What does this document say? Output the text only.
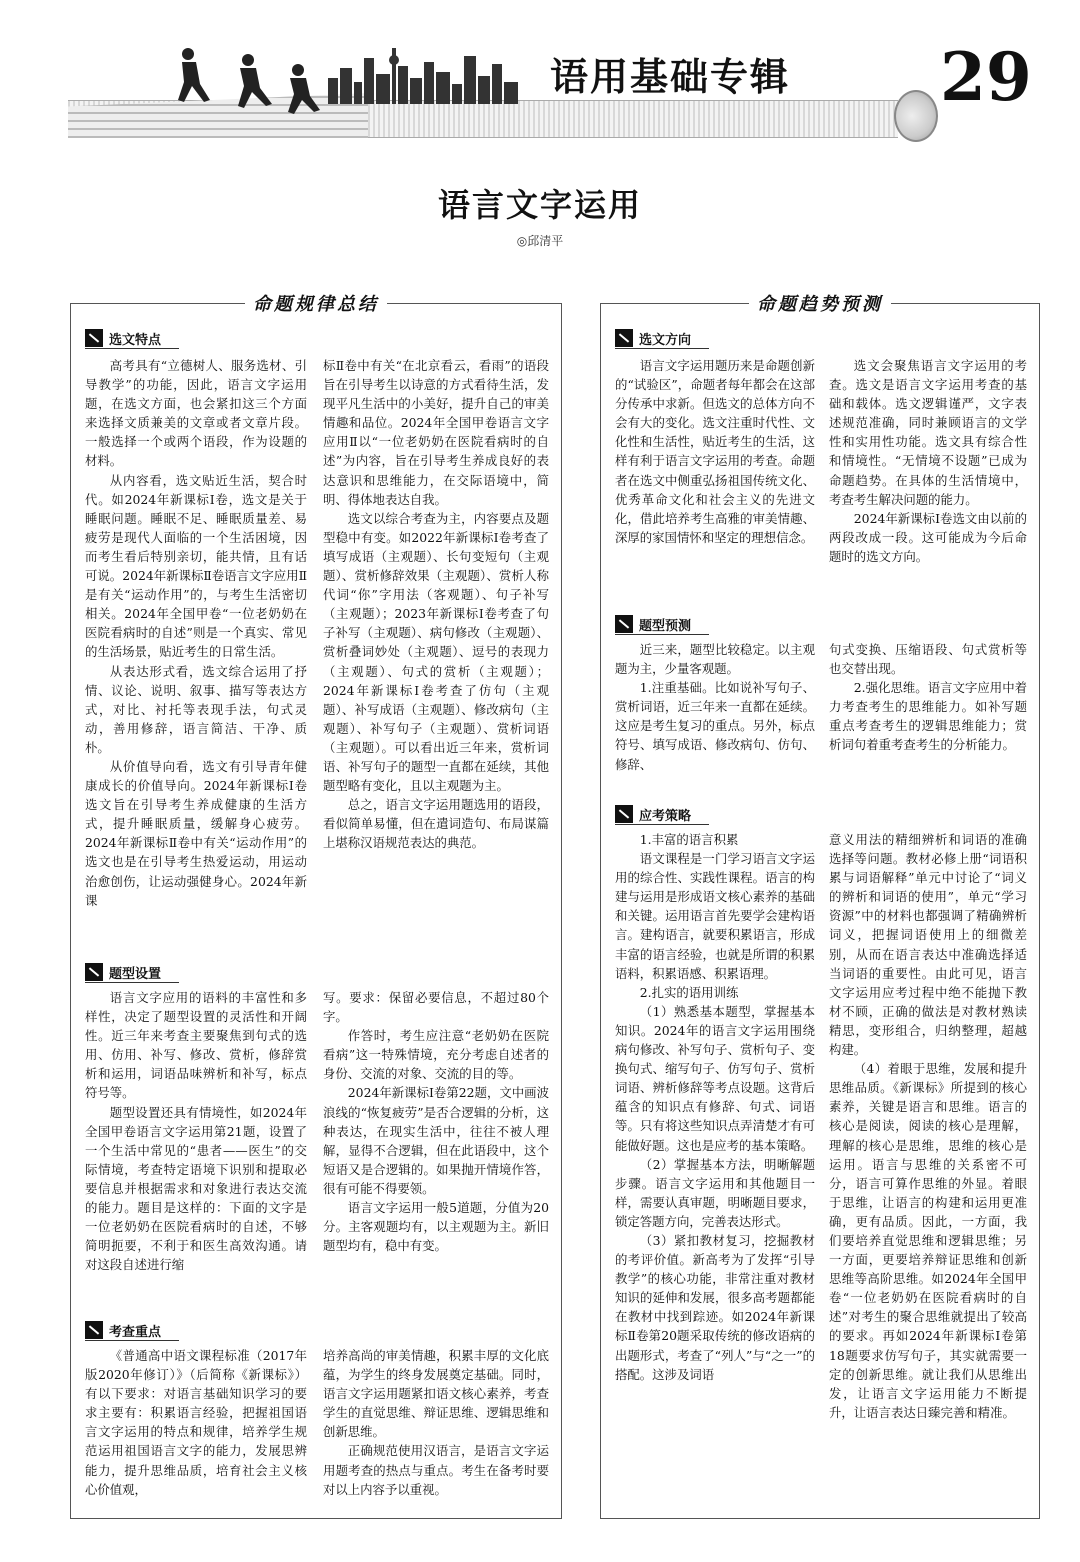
语用基础专辑 29
语言文字运用
◎邱清平
命题规律总结
选文特点

高考具有“立德树人、服务选材、引导教学”的功能，因此，语言文字运用题，在选文方面，也会紧扣这三个方面来选择文质兼美的文章或者文章片段。一般选择一个或两个语段，作为设题的材料。

从内容看，选文贴近生活，契合时代。如2024年新课标Ⅰ卷，选文是关于睡眠问题。睡眠不足、睡眠质量差、易疲劳是现代人面临的一个生活困境，因而考生看后特别亲切，能共情，且有话可说。2024年新课标Ⅱ卷语言文字应用Ⅱ是有关“运动作用”的，与考生生活密切相关。2024年全国甲卷“一位老奶奶在医院看病时的自述”则是一个真实、常见的生活场景，贴近考生的日常生活。

从表达形式看，选文综合运用了抒情、议论、说明、叙事、描写等表达方式，对比、衬托等表现手法，句式灵动，善用修辞，语言简洁、干净、质朴。

从价值导向看，选文有引导青年健康成长的价值导向。2024年新课标Ⅰ卷选文旨在引导考生养成健康的生活方式，提升睡眠质量，缓解身心疲劳。2024年新课标Ⅱ卷中有关“运动作用”的选文也是在引导考生热爱运动，用运动治愈创伤，让运动强健身心。2024年新课

标Ⅱ卷中有关“在北京看云，看雨”的语段旨在引导考生以诗意的方式看待生活，发现平凡生活中的小美好，提升自己的审美情趣和品位。2024年全国甲卷语言文字应用Ⅱ以“一位老奶奶在医院看病时的自述”为内容，旨在引导考生养成良好的表达意识和思维能力，在交际语境中，简明、得体地表达自我。

选文以综合考查为主，内容要点及题型稳中有变。如2022年新课标Ⅰ卷考查了填写成语（主观题）、长句变短句（主观题）、赏析修辞效果（主观题）、赏析人称代词“你”字用法（客观题）、句子补写（主观题）；2023年新课标Ⅰ卷考查了句子补写（主观题）、病句修改（主观题）、赏析叠词妙处（主观题）、逗号的表现力（主观题）、句式的赏析（主观题）；2024年新课标Ⅰ卷考查了仿句（主观题）、补写成语（主观题）、修改病句（主观题）、补写句子（主观题）、赏析词语（主观题）。可以看出近三年来，赏析词语、补写句子的题型一直都在延续，其他题型略有变化，且以主观题为主。

总之，语言文字运用题选用的语段，看似简单易懂，但在遣词造句、布局谋篇上堪称汉语规范表达的典范。

题型设置

语言文字应用的语料的丰富性和多样性，决定了题型设置的灵活性和开阔性。近三年来考查主要聚焦到句式的选用、仿用、补写、修改、赏析，修辞赏析和运用，词语品味辨析和补写，标点符号等。

题型设置还具有情境性，如2024年全国甲卷语言文字运用第21题，设置了一个生活中常见的“患者——医生”的交际情境，考查特定语境下识别和提取必要信息并根据需求和对象进行表达交流的能力。题目是这样的：下面的文字是一位老奶奶在医院看病时的自述，不够简明扼要，不利于和医生高效沟通。请对这段自述进行缩

写。要求：保留必要信息，不超过80个字。

作答时，考生应注意“老奶奶在医院看病”这一特殊情境，充分考虑自述者的身份、交流的对象、交流的目的等。

2024年新课标Ⅰ卷第22题，文中画波浪线的“恢复疲劳”是否合逻辑的分析，这种表达，在现实生活中，往往不被人理解，显得不合逻辑，但在此语段中，这个短语又是合逻辑的。如果抛开情境作答，很有可能不得要领。

语言文字运用一般5道题，分值为20分。主客观题均有，以主观题为主。新旧题型均有，稳中有变。

考查重点

《普通高中语文课程标准（2017年版2020年修订）》（后简称《新课标》）有以下要求：对语言基础知识学习的要求主要有：积累语言经验，把握祖国语言文字运用的特点和规律，培养学生规范运用祖国语言文字的能力，发展思辨能力，提升思维品质，培育社会主义核心价值观，

培养高尚的审美情趣，积累丰厚的文化底蕴，为学生的终身发展奠定基础。同时，语言文字运用题紧扣语文核心素养，考查学生的直觉思维、辩证思维、逻辑思维和创新思维。

正确规范使用汉语言，是语言文字运用题考查的热点与重点。考生在备考时要对以上内容予以重视。

命题趋势预测
选文方向

语言文字运用题历来是命题创新的“试验区”，命题者每年都会在这部分传承中求新。但选文的总体方向不会有大的变化。选文注重时代性、文化性和生活性，贴近考生的生活，这样有利于语言文字运用的考查。命题者在选文中侧重弘扬祖国传统文化、优秀革命文化和社会主义的先进文化，借此培养考生高雅的审美情趣、深厚的家国情怀和坚定的理想信念。

选文会聚焦语言文字运用的考查。选文是语言文字运用考查的基础和载体。选文逻辑谨严，文字表述规范准确，同时兼顾语言的文学性和实用性功能。选文具有综合性和情境性。“无情境不设题”已成为命题趋势。在具体的生活情境中，考查考生解决问题的能力。

2024年新课标Ⅰ卷选文由以前的两段改成一段。这可能成为今后命题时的选文方向。

题型预测

近三来，题型比较稳定。以主观题为主，少量客观题。

1.注重基础。比如说补写句子、赏析词语，近三年来一直都在延续。这应是考生复习的重点。另外，标点符号、填写成语、修改病句、仿句、修辞、

句式变换、压缩语段、句式赏析等也交替出现。

2.强化思维。语言文字应用中着力考查考生的思维能力。如补写题重点考查考生的逻辑思维能力；赏析词句着重考查考生的分析能力。

应考策略

1.丰富的语言积累

语文课程是一门学习语言文字运用的综合性、实践性课程。语言的构建与运用是形成语文核心素养的基础和关键。运用语言首先要学会建构语言。建构语言，就要积累语言，形成丰富的语言经验，也就是所谓的积累语料，积累语感、积累语理。

2.扎实的语用训练

（1）熟悉基本题型，掌握基本知识。2024年的语言文字运用围绕病句修改、补写句子、赏析句子、变换句式、缩写句子、仿写句子、赏析词语、辨析修辞等考点设题。这背后蕴含的知识点有修辞、句式、词语等。只有将这些知识点弄清楚才有可能做好题。这也是应考的基本策略。

（2）掌握基本方法，明晰解题步骤。语言文字运用和其他题目一样，需要认真审题，明晰题目要求，锁定答题方向，完善表达形式。

（3）紧扣教材复习，挖掘教材的考评价值。新高考为了发挥“引导教学”的核心功能，非常注重对教材知识的延伸和发展，很多高考题都能在教材中找到踪迹。如2024年新课标Ⅱ卷第20题采取传统的修改语病的出题形式，考查了“列人”与“之一”的搭配。这涉及词语

意义用法的精细辨析和词语的准确选择等问题。教材必修上册“词语积累与词语解释”单元中讨论了“词义的辨析和词语的使用”，单元“学习资源”中的材料也都强调了精确辨析词义，把握词语使用上的细微差别，从而在语言表达中准确选择适当词语的重要性。由此可见，语言文字运用应考过程中绝不能抛下教材不顾，正确的做法是对教材熟读精思，变形组合，归纳整理，超越构建。

（4）着眼于思维，发展和提升思维品质。《新课标》所提到的核心素养，关键是语言和思维。语言的核心是阅读，阅读的核心是理解，理解的核心是思维，思维的核心是运用。语言与思维的关系密不可分，语言可算作思维的外显。着眼于思维，让语言的构建和运用更准确，更有品质。因此，一方面，我们要培养直觉思维和逻辑思维；另一方面，更要培养辩证思维和创新思维等高阶思维。如2024年全国甲卷“一位老奶奶在医院看病时的自述”对考生的聚合思维就提出了较高的要求。再如2024年新课标Ⅰ卷第18题要求仿写句子，其实就需要一定的创新思维。就让我们从思维出发，让语言文字运用能力不断提升，让语言表达日臻完善和精准。
